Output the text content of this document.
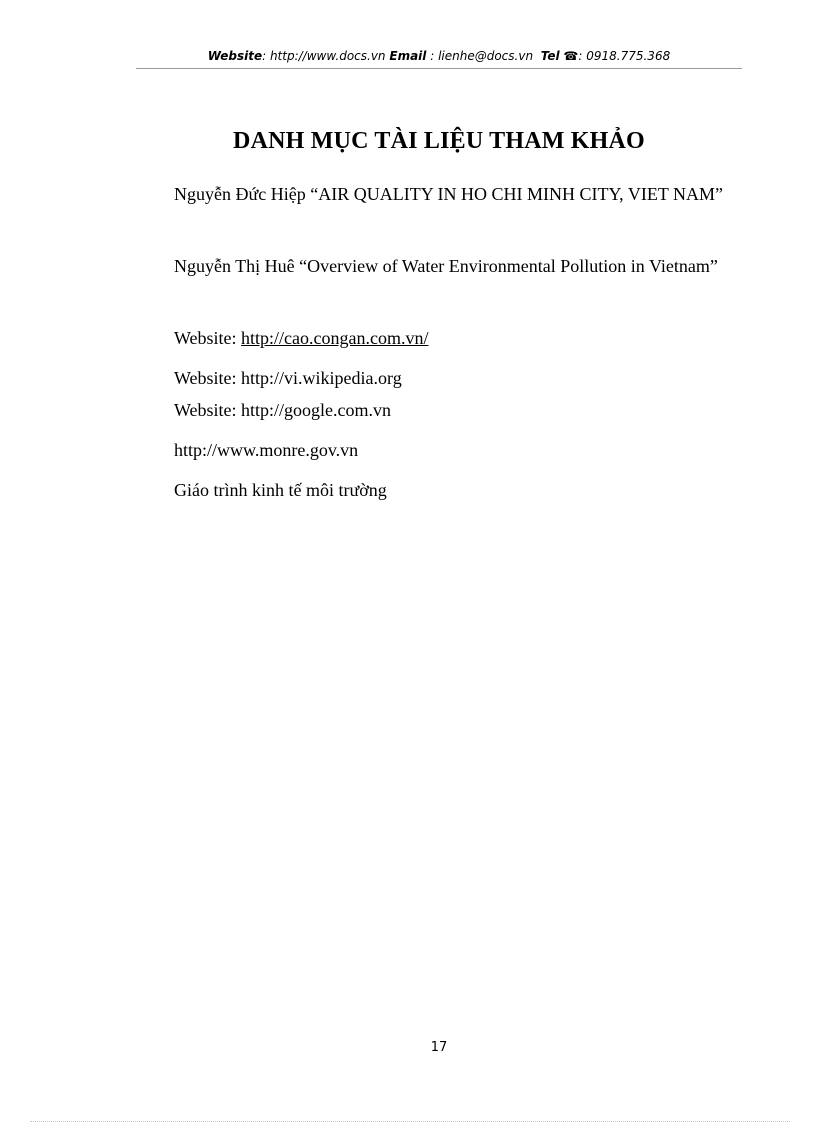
Website: http://www.docs.vn Email : lienhe@docs.vn Tel ☎: 0918.775.368
DANH MỤC TÀI LIỆU THAM KHẢO
Nguyễn Đức Hiệp “AIR QUALITY IN HO CHI MINH CITY, VIET NAM”
Nguyễn Thị Huê “Overview of Water Environmental Pollution in Vietnam”
Website: http://cao.congan.com.vn/
Website: http://vi.wikipedia.org
Website: http://google.com.vn
http://www.monre.gov.vn
Giáo trình kinh tế môi trường
17
